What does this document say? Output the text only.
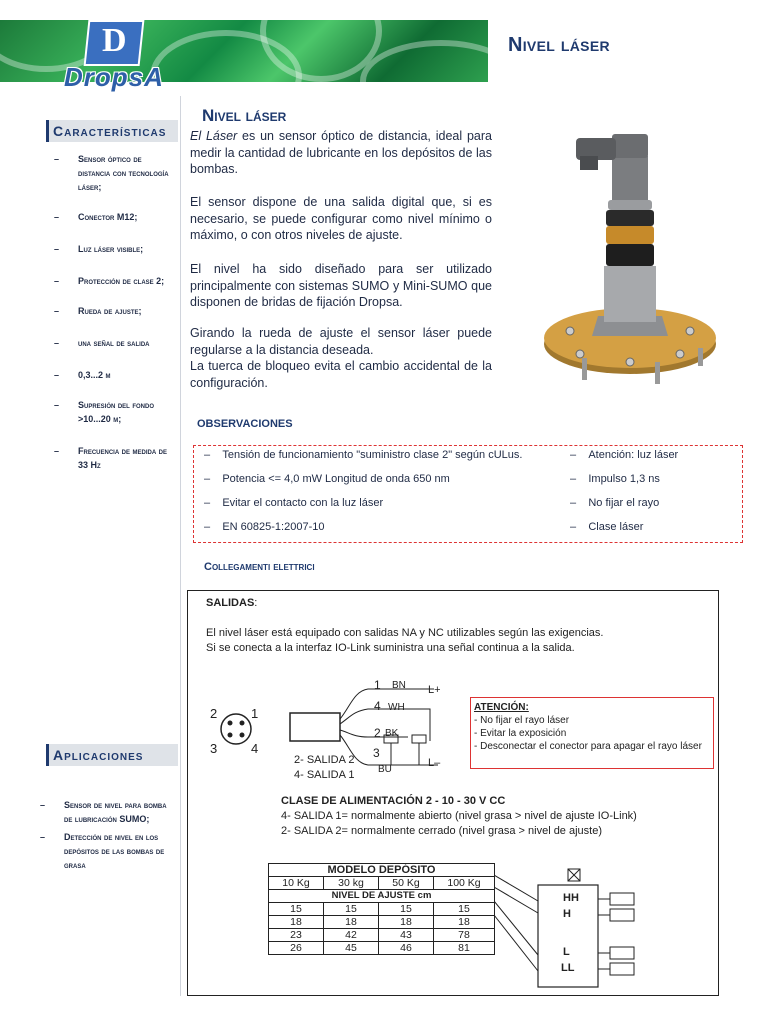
D
DropsA
Nivel láser
Características
– Sensor óptico de distancia con tecnología láser;
– Conector M12;
– Luz láser visible;
– Protección de clase 2;
– Rueda de ajuste;
– una señal de salida
– 0,3...2 m
– Supresión del fondo >10...20 m;
– Frecuencia de medida de 33 Hz
Aplicaciones
– Sensor de nivel para bomba de lubricación SUMO;
– Detección de nivel en los depósitos de las bombas de grasa
Nivel láser

El Láser es un sensor óptico de distancia, ideal para medir la cantidad de lubricante en los depósitos de las bombas.

El sensor dispone de una salida digital que, si es necesario, se puede configurar como nivel mínimo o máximo, o con otros niveles de ajuste.

El nivel ha sido diseñado para ser utilizado principalmente con sistemas SUMO y Mini-SUMO que disponen de bridas de fijación Dropsa.

Girando la rueda de ajuste el sensor láser puede regularse a la distancia deseada.

La tuerca de bloqueo evita el cambio accidental de la configuración.

OBSERVACIONES
–    Tensión de funcionamiento "suministro clase 2" según cULus.
–    Potencia <= 4,0 mW Longitud de onda 650 nm
–    Evitar el contacto con la luz láser
–    EN 60825-1:2007-10
–    Atención: luz láser
–    Impulso 1,3 ns
–    No fijar el rayo
–    Clase láser
Collegamenti elettrici
SALIDAS:
El nivel láser está equipado con salidas NA y NC utilizables según las exigencias.
Si se conecta a la interfaz IO-Link suministra una señal continua a la salida.
2	1
3	4
1 BN L+
4 WH
2 BK
3
BU
L–
2- SALIDA 2
4- SALIDA 1
ATENCIÓN:
- No fijar el rayo láser
- Evitar la exposición
- Desconectar el conector para apagar el rayo láser
CLASE DE ALIMENTACIÓN 2 - 10 - 30 V CC
4- SALIDA 1= normalmente abierto (nivel grasa > nivel de ajuste IO-Link)
2- SALIDA 2= normalmente cerrado (nivel grasa > nivel de ajuste)
MODELO DEPÓSITO			
10 Kg	30 kg	50 Kg	100 Kg
NIVEL DE AJUSTE cm			
15	15	15	15
18	18	18	18
23	42	43	78
26	45	46	81
HH
H
L
LL
